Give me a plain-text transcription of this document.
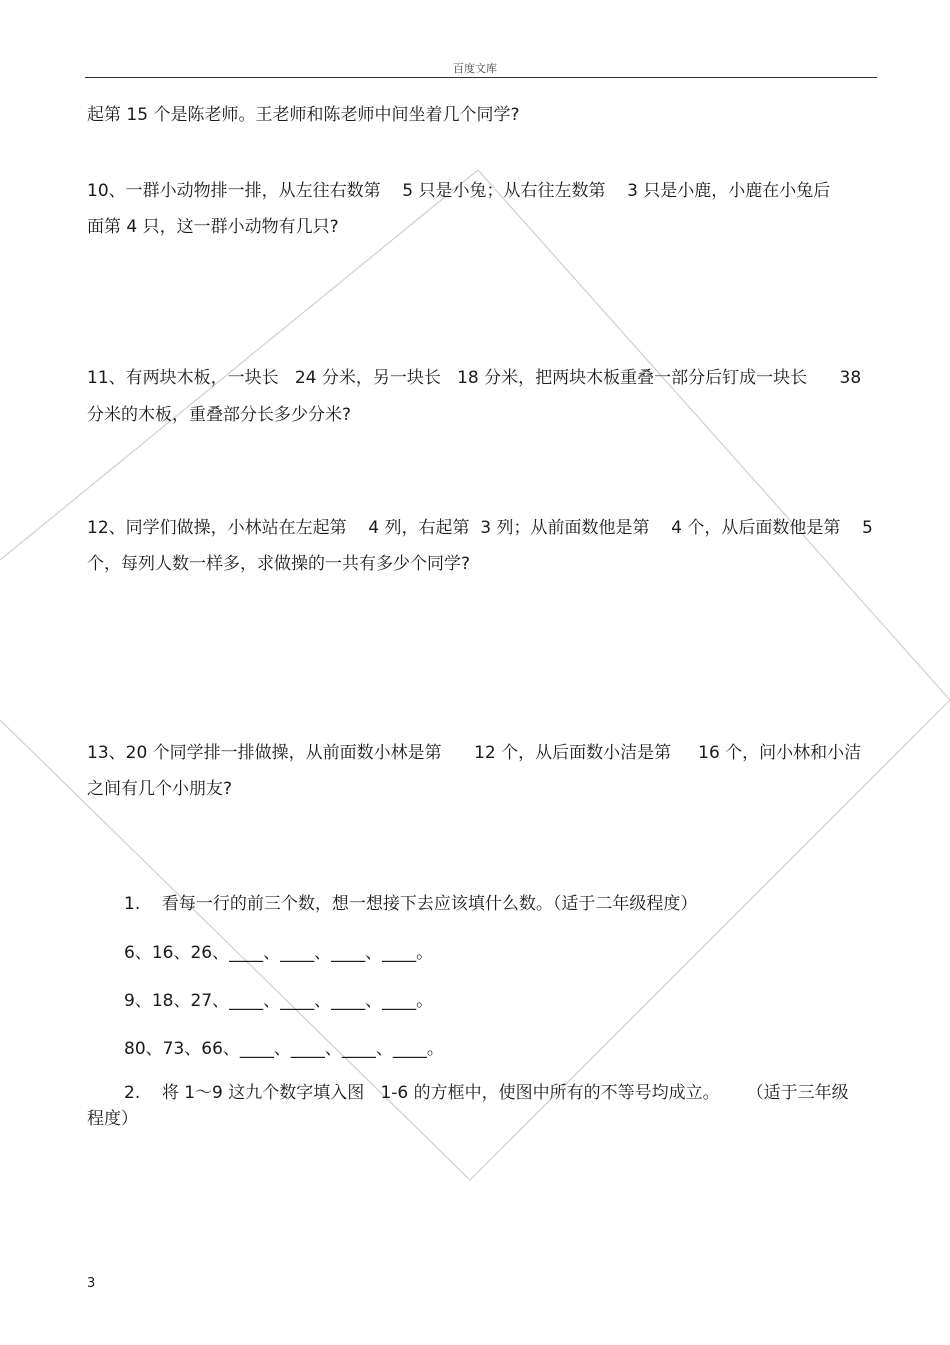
百度文库
起第 15 个是陈老师。王老师和陈老师中间坐着几个同学?
10、一群小动物排一排，从左往右数第    5 只是小兔；从右往左数第    3 只是小鹿，小鹿在小兔后
面第 4 只，这一群小动物有几只?
11、有两块木板，一块长   24 分米，另一块长   18 分米，把两块木板重叠一部分后钉成一块长      38
分米的木板，重叠部分长多少分米?
12、同学们做操，小林站在左起第    4 列，右起第  3 列；从前面数他是第    4 个，从后面数他是第    5
个，每列人数一样多，求做操的一共有多少个同学?
13、20 个同学排一排做操，从前面数小林是第      12 个，从后面数小洁是第     16 个，问小林和小洁
之间有几个小朋友?
1.    看每一行的前三个数，想一想接下去应该填什么数。（适于二年级程度）
6、16、26、____、____、____、____。
9、18、27、____、____、____、____。
80、73、66、____、____、____、____。
2.    将 1～9 这九个数字填入图   1-6 的方框中，使图中所有的不等号均成立。     （适于三年级
程度）
3
